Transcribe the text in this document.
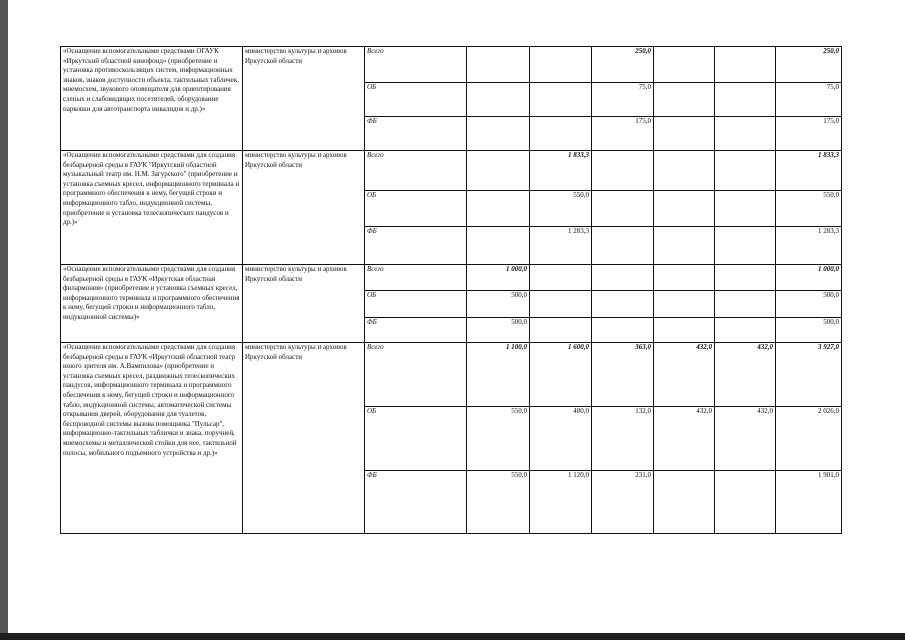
«Оснащение вспомогательными средствами ОГАУК «Иркутский областной кинофонд» (приобретение и установка противоскользящих систем, информационных знаков, знаков доступности объекта, тактильных табличек, мнемосхем, звукового оповещателя для ориентирования слепых и слабовидящих посетителей, оборудование парковки для автотранспорта инвалидов и др.)»	министерство культуры и архивов Иркутской области	Всего			250,0			250,0
		ОБ			75,0			75,0
		ФБ			175,0			175,0
«Оснащение вспомогательными средствами для создания безбарьерной среды в ГАУК "Иркутский областной музыкальный театр им. Н.М. Загурского" (приобретение и установка съемных кресел, информационного терминала и программного обеспечения к нему, бегущей строки и информационного табло, индукционной системы, приобретение и установка телескопических пандусов и др.)»	министерство культуры и архивов Иркутской области	Всего		1 833,3				1 833,3
		ОБ		550,0				550,0
		ФБ		1 283,3				1 283,3
«Оснащение вспомогательными средствами для создания безбарьерной среды в ГАУК «Иркутская областная филармония» (приобретение и установка съемных кресел, информационного терминала и программного обеспечения к нему, бегущей строки и информационного табло, индукционной системы)»	министерство культуры и архивов Иркутской области	Всего	1 000,0					1 000,0
		ОБ	500,0					500,0
		ФБ	500,0					500,0
«Оснащение вспомогательными средствами для создания безбарьерной среды в ГАУК «Иркутский областной театр юного зрителя им. А.Вампилова» (приобретение и установка съемных кресел, раздвижных телескопических пандусов, информационного терминала и программного обеспечения к нему, бегущей строки и информационного табло, индукционной системы, автоматической системы открывания дверей, оборудования для туалетов, беспроводной системы вызова помощника "Пульсар", информационно-тактильных таблички и знака, поручней, мнемосхемы и металлической стойки для нее, тактильной полосы, мобильного подъемного устройства и др.)»	министерство культуры и архивов Иркутской области	Всего	1 100,0	1 600,0	363,0	432,0	432,0	3 927,0
		ОБ	550,0	480,0	132,0	432,0	432,0	2 026,0
		ФБ	550,0	1 120,0	231,0			1 901,0
